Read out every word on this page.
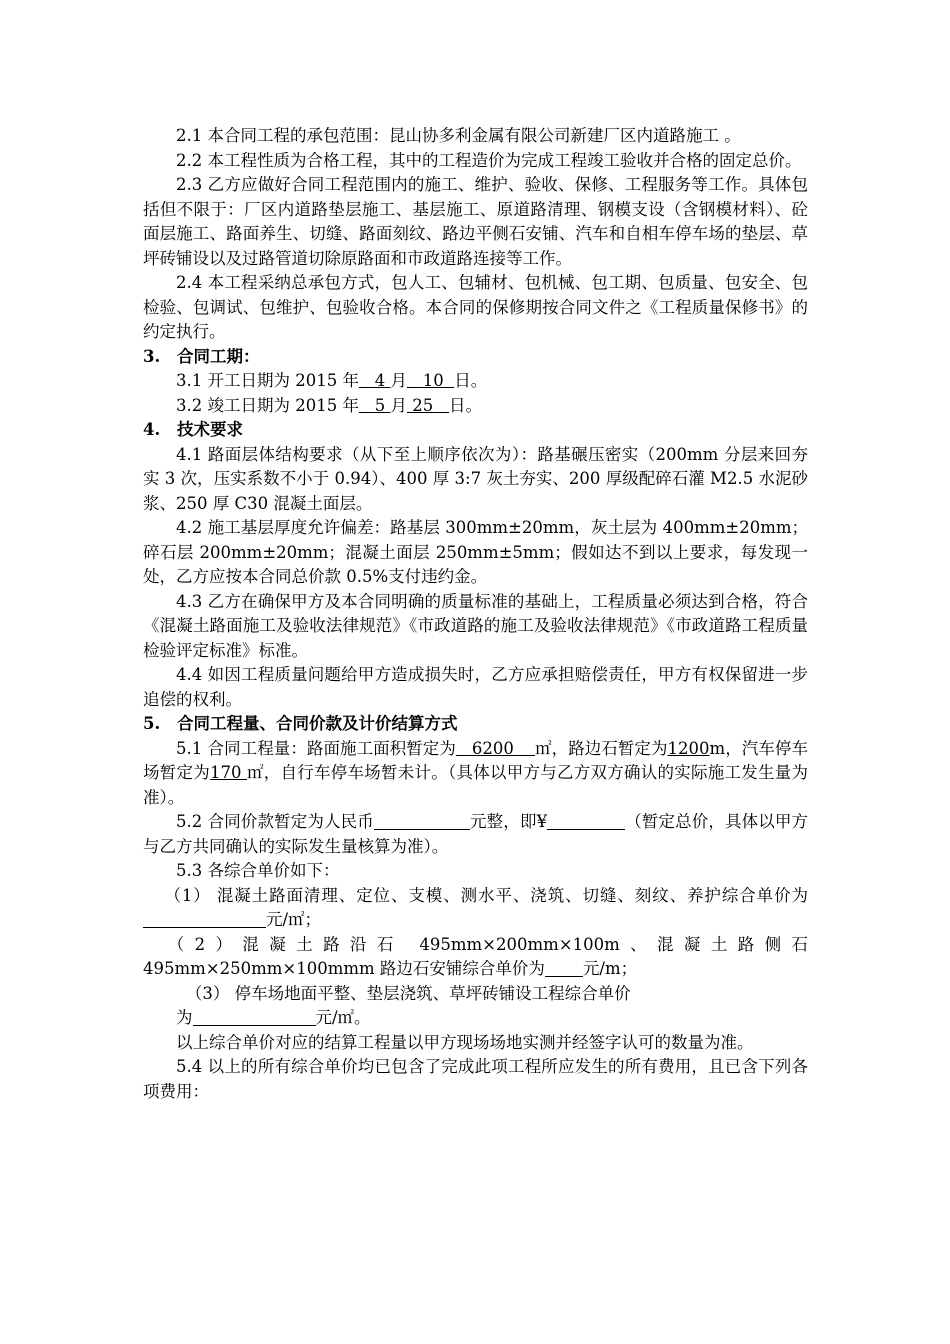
2.1 本合同工程的承包范围：昆山协多利金属有限公司新建厂区内道路施工 。

2.2 本工程性质为合格工程，其中的工程造价为完成工程竣工验收并合格的固定总价。

2.3 乙方应做好合同工程范围内的施工、维护、验收、保修、工程服务等工作。具体包括但不限于：厂区内道路垫层施工、基层施工、原道路清理、钢模支设（含钢模材料）、砼面层施工、路面养生、切缝、路面刻纹、路边平侧石安铺、汽车和自相车停车场的垫层、草坪砖铺设以及过路管道切除原路面和市政道路连接等工作。

2.4 本工程采纳总承包方式，包人工、包辅材、包机械、包工期、包质量、包安全、包检验、包调试、包维护、包验收合格。本合同的保修期按合同文件之《工程质量保修书》的约定执行。

3. 合同工期：

3.1 开工日期为 2015 年 4 月 10 日。

3.2 竣工日期为 2015 年 5 月 25 日。

4. 技术要求

4.1 路面层体结构要求（从下至上顺序依次为）：路基碾压密实（200mm 分层来回夯实 3 次，压实系数不小于 0.94）、400 厚 3:7 灰土夯实、200 厚级配碎石灌 M2.5 水泥砂浆、250 厚 C30 混凝土面层。

4.2 施工基层厚度允许偏差：路基层 300mm±20mm，灰土层为 400mm±20mm；碎石层 200mm±20mm；混凝土面层 250mm±5mm；假如达不到以上要求，每发现一处，乙方应按本合同总价款 0.5%支付违约金。

4.3 乙方在确保甲方及本合同明确的质量标准的基础上，工程质量必须达到合格，符合《混凝土路面施工及验收法律规范》《市政道路的施工及验收法律规范》《市政道路工程质量检验评定标准》标准。

4.4 如因工程质量问题给甲方造成损失时，乙方应承担赔偿责任，甲方有权保留进一步追偿的权利。

5. 合同工程量、合同价款及计价结算方式

5.1 合同工程量：路面施工面积暂定为 6200 ㎡，路边石暂定为1200m，汽车停车场暂定为170 ㎡，自行车停车场暂未计。（具体以甲方与乙方双方确认的实际施工发生量为准）。

5.2 合同价款暂定为人民币	元整，即¥	（暂定总价，具体以甲方与乙方共同确认的实际发生量核算为准）。

5.3 各综合单价如下：

（1） 混凝土路面清理、定位、支模、测水平、浇筑、切缝、刻纹、养护综合单价为元/㎡；

（2）混凝土路沿石 495mm×200mm×100m、混凝土路侧石 495mm×250mm×100mmm 路边石安铺综合单价为 元/m；

（3） 停车场地面平整、垫层浇筑、草坪砖铺设工程综合单价

为	元/㎡。

以上综合单价对应的结算工程量以甲方现场场地实测并经签字认可的数量为准。

5.4 以上的所有综合单价均已包含了完成此项工程所应发生的所有费用，且已含下列各项费用：
